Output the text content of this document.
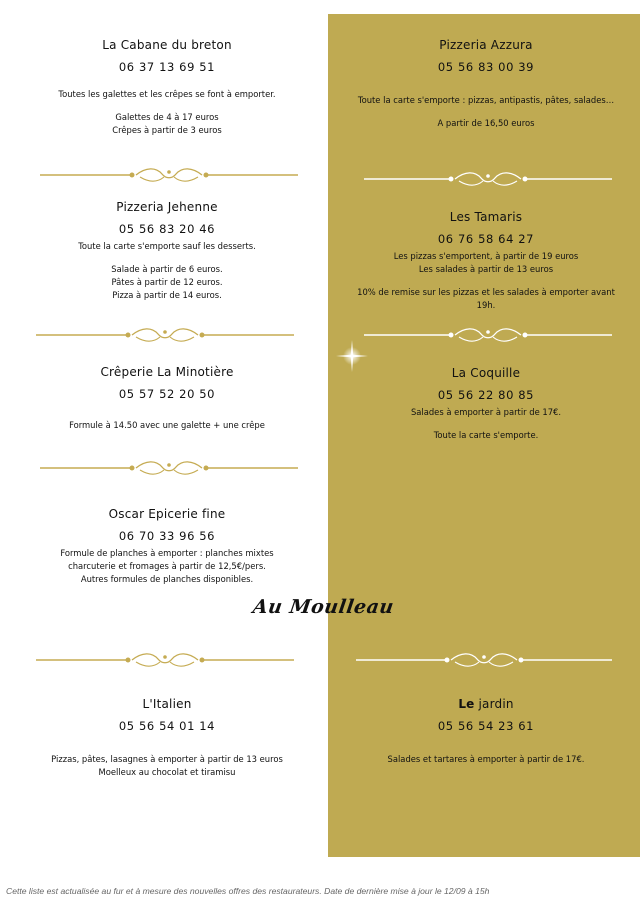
La Cabane du breton
06 37 13 69 51
Toutes les galettes et les crêpes se font à emporter.
Galettes de 4 à 17 euros
Crêpes à partir de 3 euros
Pizzeria Jehenne
05 56 83 20 46
Toute la carte s'emporte sauf les desserts.
Salade à partir de 6 euros.
Pâtes à partir de 12 euros.
Pizza à partir de 14 euros.
Crêperie La Minotière
05 57 52 20 50
Formule à 14.50 avec une galette + une crêpe
Oscar Epicerie fine
06 70 33 96 56
Formule de planches à emporter : planches mixtes
charcuterie et fromages à partir de 12,5€/pers.
Autres formules de planches disponibles.
Au Moulleau
L'Italien
05 56 54 01 14
Pizzas, pâtes, lasagnes à emporter à partir de 13 euros
Moelleux au chocolat et tiramisu
Pizzeria Azzura
05 56 83 00 39
Toute la carte s'emporte : pizzas, antipastis, pâtes, salades…
A partir de 16,50 euros
Les Tamaris
06 76 58 64 27
Les pizzas s'emportent, à partir de 19 euros
Les salades à partir de 13 euros
10% de remise sur les pizzas et les salades à emporter avant
19h.
La Coquille
05 56 22 80 85
Salades à emporter à partir de 17€.
Toute la carte s'emporte.
Le jardin
05 56 54 23 61
Salades et tartares à emporter à partir de 17€.
page 2 / 2
Cette liste est actualisée au fur et à mesure des nouvelles offres des restaurateurs. Date de dernière mise à jour le 12/09 à 15h
